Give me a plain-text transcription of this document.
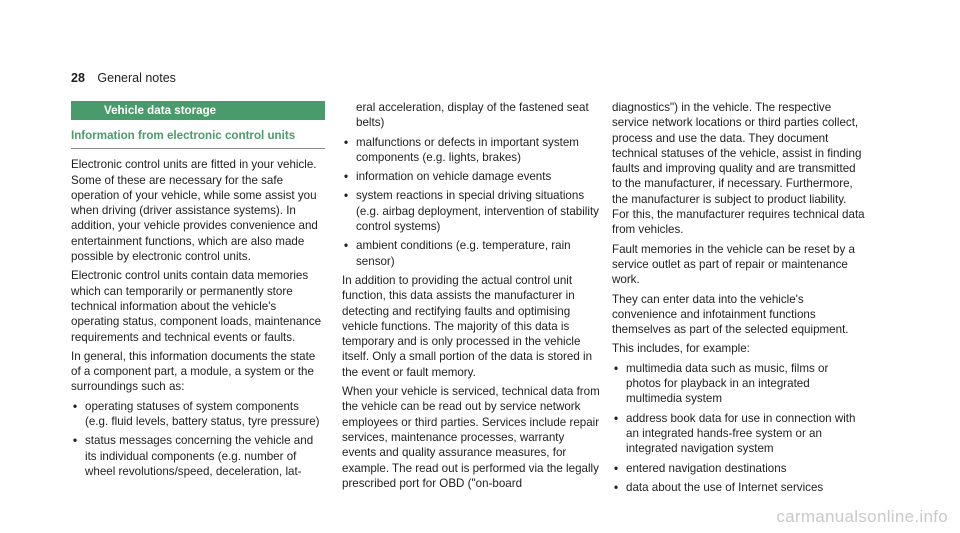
28 General notes
Vehicle data storage
Information from electronic control units

Electronic control units are fitted in your vehicle. Some of these are necessary for the safe operation of your vehicle, while some assist you when driving (driver assistance systems). In addition, your vehicle provides convenience and entertainment functions, which are also made possible by electronic control units.

Electronic control units contain data memories which can temporarily or permanently store technical information about the vehicle's operating status, component loads, maintenance requirements and technical events or faults.

In general, this information documents the state of a component part, a module, a system or the surroundings such as:

• operating statuses of system components (e.g. fluid levels, battery status, tyre pressure)
• status messages concerning the vehicle and its individual components (e.g. number of wheel revolutions/speed, deceleration, lat-

eral acceleration, display of the fastened seat belts)

• malfunctions or defects in important system components (e.g. lights, brakes)
• information on vehicle damage events
• system reactions in special driving situations (e.g. airbag deployment, intervention of stability control systems)
• ambient conditions (e.g. temperature, rain sensor)

In addition to providing the actual control unit function, this data assists the manufacturer in detecting and rectifying faults and optimising vehicle functions. The majority of this data is temporary and is only processed in the vehicle itself. Only a small portion of the data is stored in the event or fault memory.

When your vehicle is serviced, technical data from the vehicle can be read out by service network employees or third parties. Services include repair services, maintenance processes, warranty events and quality assurance measures, for example. The read out is performed via the legally prescribed port for OBD ("on-board

diagnostics") in the vehicle. The respective service network locations or third parties collect, process and use the data. They document technical statuses of the vehicle, assist in finding faults and improving quality and are transmitted to the manufacturer, if necessary. Furthermore, the manufacturer is subject to product liability. For this, the manufacturer requires technical data from vehicles.

Fault memories in the vehicle can be reset by a service outlet as part of repair or maintenance work.

They can enter data into the vehicle's convenience and infotainment functions themselves as part of the selected equipment.

This includes, for example:

• multimedia data such as music, films or photos for playback in an integrated multimedia system
• address book data for use in connection with an integrated hands-free system or an integrated navigation system
• entered navigation destinations
• data about the use of Internet services
carmanualsonline.info
